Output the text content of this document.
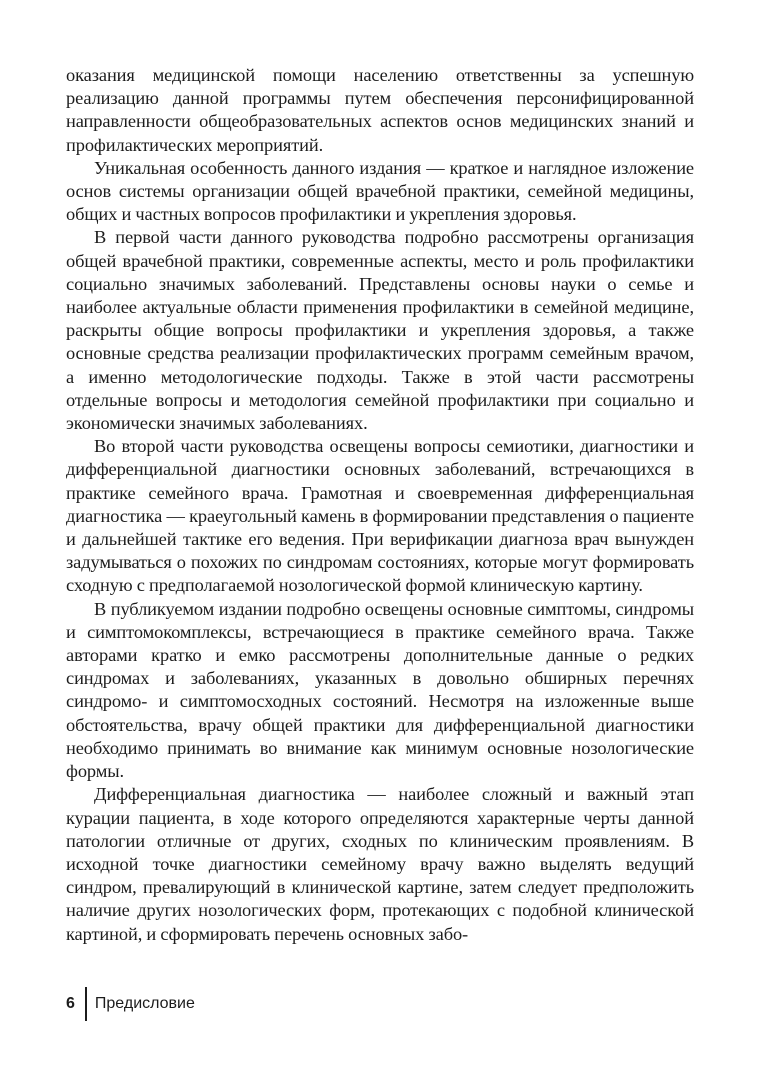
оказания медицинской помощи населению ответственны за успешную реализацию данной программы путем обеспечения персонифицированной направленности общеобразовательных аспектов основ медицинских знаний и профилактических мероприятий.

Уникальная особенность данного издания — краткое и наглядное изложение основ системы организации общей врачебной практики, семейной медицины, общих и частных вопросов профилактики и укрепления здоровья.

В первой части данного руководства подробно рассмотрены организация общей врачебной практики, современные аспекты, место и роль профилактики социально значимых заболеваний. Представлены основы науки о семье и наиболее актуальные области применения профилактики в семейной медицине, раскрыты общие вопросы профилактики и укрепления здоровья, а также основные средства реализации профилактических программ семейным врачом, а именно методологические подходы. Также в этой части рассмотрены отдельные вопросы и методология семейной профилактики при социально и экономически значимых заболеваниях.

Во второй части руководства освещены вопросы семиотики, диагностики и дифференциальной диагностики основных заболеваний, встречающихся в практике семейного врача. Грамотная и своевременная дифференциальная диагностика — краеугольный камень в формировании представления о пациенте и дальнейшей тактике его ведения. При верификации диагноза врач вынужден задумываться о похожих по синдромам состояниях, которые могут формировать сходную с предполагаемой нозологической формой клиническую картину.

В публикуемом издании подробно освещены основные симптомы, синдромы и симптомокомплексы, встречающиеся в практике семейного врача. Также авторами кратко и емко рассмотрены дополнительные данные о редких синдромах и заболеваниях, указанных в довольно обширных перечнях синдромо- и симптомосходных состояний. Несмотря на изложенные выше обстоятельства, врачу общей практики для дифференциальной диагностики необходимо принимать во внимание как минимум основные нозологические формы.

Дифференциальная диагностика — наиболее сложный и важный этап курации пациента, в ходе которого определяются характерные черты данной патологии отличные от других, сходных по клиническим проявлениям. В исходной точке диагностики семейному врачу важно выделять ведущий синдром, превалирующий в клинической картине, затем следует предположить наличие других нозологических форм, протекающих с подобной клинической картиной, и сформировать перечень основных забо-

6	Предисловие
